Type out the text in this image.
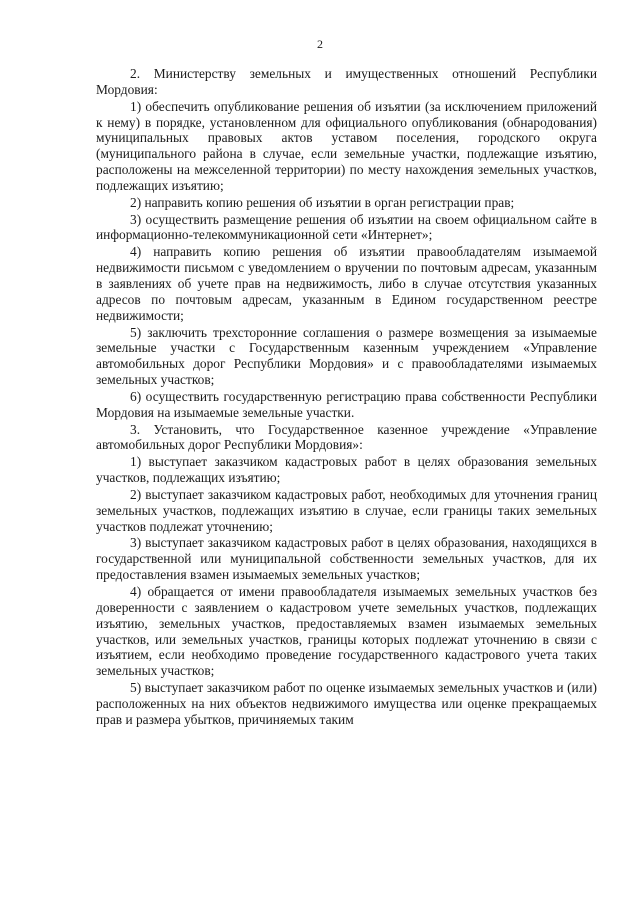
2

2. Министерству земельных и имущественных отношений Республики Мордовия:

1) обеспечить опубликование решения об изъятии (за исключением приложений к нему) в порядке, установленном для официального опубликования (обнародования) муниципальных правовых актов уставом поселения, городского округа (муниципального района в случае, если земельные участки, подлежащие изъятию, расположены на межселенной территории) по месту нахождения земельных участков, подлежащих изъятию;

2) направить копию решения об изъятии в орган регистрации прав;

3) осуществить размещение решения об изъятии на своем официальном сайте в информационно-телекоммуникационной сети «Интернет»;

4) направить копию решения об изъятии правообладателям изымаемой недвижимости письмом с уведомлением о вручении по почтовым адресам, указанным в заявлениях об учете прав на недвижимость, либо в случае отсутствия указанных адресов по почтовым адресам, указанным в Едином государственном реестре недвижимости;

5) заключить трехсторонние соглашения о размере возмещения за изымаемые земельные участки с Государственным казенным учреждением «Управление автомобильных дорог Республики Мордовия» и с правообладателями изымаемых земельных участков;

6) осуществить государственную регистрацию права собственности Республики Мордовия на изымаемые земельные участки.

3. Установить, что Государственное казенное учреждение «Управление автомобильных дорог Республики Мордовия»:

1) выступает заказчиком кадастровых работ в целях образования земельных участков, подлежащих изъятию;

2) выступает заказчиком кадастровых работ, необходимых для уточнения границ земельных участков, подлежащих изъятию в случае, если границы таких земельных участков подлежат уточнению;

3) выступает заказчиком кадастровых работ в целях образования, находящихся в государственной или муниципальной собственности земельных участков, для их предоставления взамен изымаемых земельных участков;

4) обращается от имени правообладателя изымаемых земельных участков без доверенности с заявлением о кадастровом учете земельных участков, подлежащих изъятию, земельных участков, предоставляемых взамен изымаемых земельных участков, или земельных участков, границы которых подлежат уточнению в связи с изъятием, если необходимо проведение государственного кадастрового учета таких земельных участков;

5) выступает заказчиком работ по оценке изымаемых земельных участков и (или) расположенных на них объектов недвижимого имущества или оценке прекращаемых прав и размера убытков, причиняемых таким
